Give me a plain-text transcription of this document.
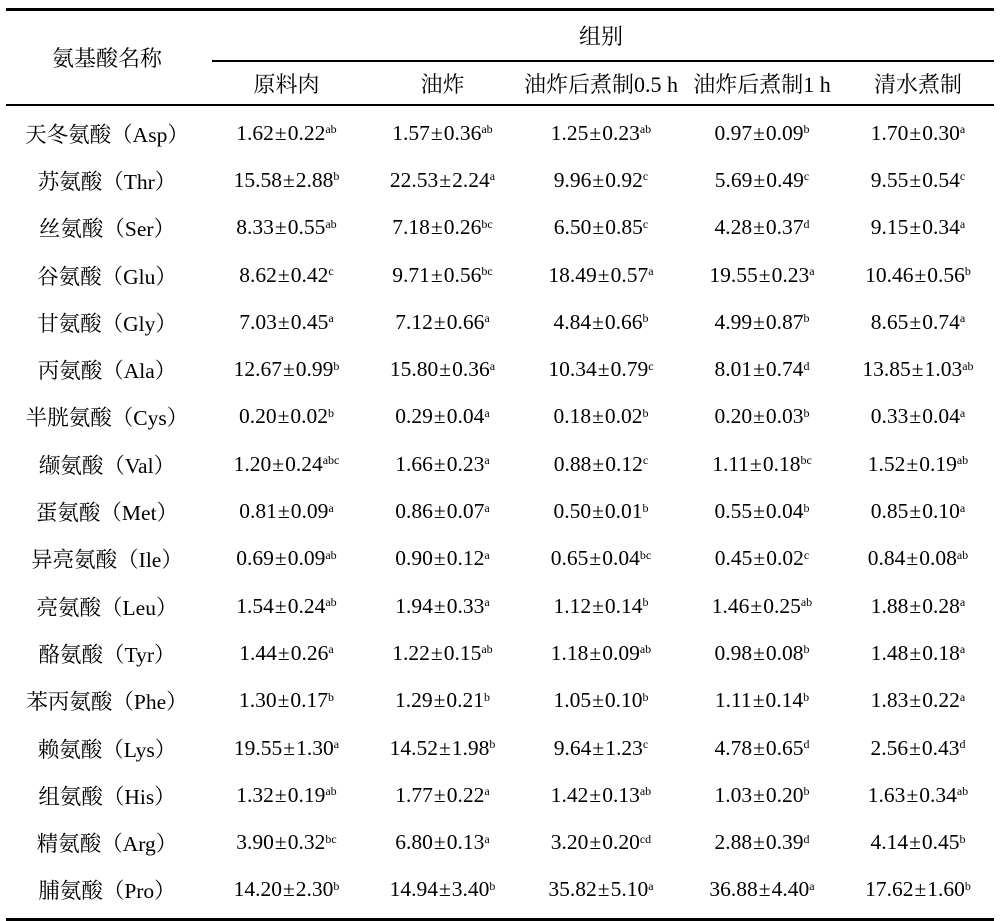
氨基酸名称
组别
原料肉	油炸	油炸后煮制0.5 h 油炸后煮制1 h	清水煮制
天冬氨酸（Asp）	1.62 ± 0.22$^{ab}$	1.57 ± 0.36$^{ab}$	1.25 ± 0.23$^{ab}$	0.97 ± 0.09$^b$	1.70 ± 0.30$^a$
苏氨酸（Thr）	15.58 ± 2.88$^b$ 22.53 ± 2.24$^a$	9.96 ± 0.92$^c$	5.69 ± 0.49$^c$	9.55 ± 0.54$^c$
丝氨酸（Ser）	8.33 ± 0.55$^{ab}$	7.18 ± 0.26$^{bc}$	6.50 ± 0.85$^c$	4.28 ± 0.37$^d$	9.15 ± 0.34$^a$
谷氨酸（Glu）	8.62 ± 0.42$^c$	9.71 ± 0.56$^{bc}$	18.49 ± 0.57$^a$	19.55 ± 0.23$^a$ 10.46 ± 0.56$^b$
甘氨酸（Gly）	7.03 ± 0.45$^a$	7.12 ± 0.66$^a$	4.84 ± 0.66$^b$	4.99 ± 0.87$^b$	8.65 ± 0.74$^a$
丙氨酸（Ala）	12.67 ± 0.99$^b$ 15.80 ± 0.36$^a$ 10.34 ± 0.79$^c$	8.01 ± 0.74$^d$ 13.85 ± 1.03$^{ab}$
半胱氨酸（Cys）	0.20 ± 0.02$^b$	0.29 ± 0.04$^a$	0.18 ± 0.02$^b$	0.20 ± 0.03$^b$	0.33 ± 0.04$^a$
缬氨酸（Val）	1.20 ± 0.24$^{abc}$	1.66 ± 0.23$^a$	0.88 ± 0.12$^c$	1.11 ± 0.18$^{bc}$	1.52 ± 0.19$^{ab}$
蛋氨酸（Met）	0.81 ± 0.09$^a$	0.86 ± 0.07$^a$	0.50 ± 0.01$^b$	0.55 ± 0.04$^b$	0.85 ± 0.10$^a$
异亮氨酸（Ile）	0.69 ± 0.09$^{ab}$	0.90 ± 0.12$^a$	0.65 ± 0.04$^{bc}$	0.45 ± 0.02$^c$	0.84 ± 0.08$^{ab}$
亮氨酸（Leu）	1.54 ± 0.24$^{ab}$	1.94 ± 0.33$^a$	1.12 ± 0.14$^b$	1.46 ± 0.25$^{ab}$	1.88 ± 0.28$^a$
酪氨酸（Tyr）	1.44 ± 0.26$^a$	1.22 ± 0.15$^{ab}$	1.18 ± 0.09$^{ab}$	0.98 ± 0.08$^b$	1.48 ± 0.18$^a$
苯丙氨酸（Phe）	1.30 ± 0.17$^b$	1.29 ± 0.21$^b$	1.05 ± 0.10$^b$	1.11 ± 0.14$^b$	1.83 ± 0.22$^a$
赖氨酸（Lys）	19.55 ± 1.30$^a$ 14.52 ± 1.98$^b$	9.64 ± 1.23$^c$	4.78 ± 0.65$^d$	2.56 ± 0.43$^d$
组氨酸（His）	1.32 ± 0.19$^{ab}$	1.77 ± 0.22$^a$	1.42 ± 0.13$^{ab}$	1.03 ± 0.20$^b$	1.63 ± 0.34$^{ab}$
精氨酸（Arg）	3.90 ± 0.32$^{bc}$	6.80 ± 0.13$^a$	3.20 ± 0.20$^{cd}$	2.88 ± 0.39$^d$	4.14 ± 0.45$^b$
脯氨酸（Pro）	14.20 ± 2.30$^b$ 14.94 ± 3.40$^b$ 35.82 ± 5.10$^a$	36.88 ± 4.40$^a$ 17.62 ± 1.60$^b$
